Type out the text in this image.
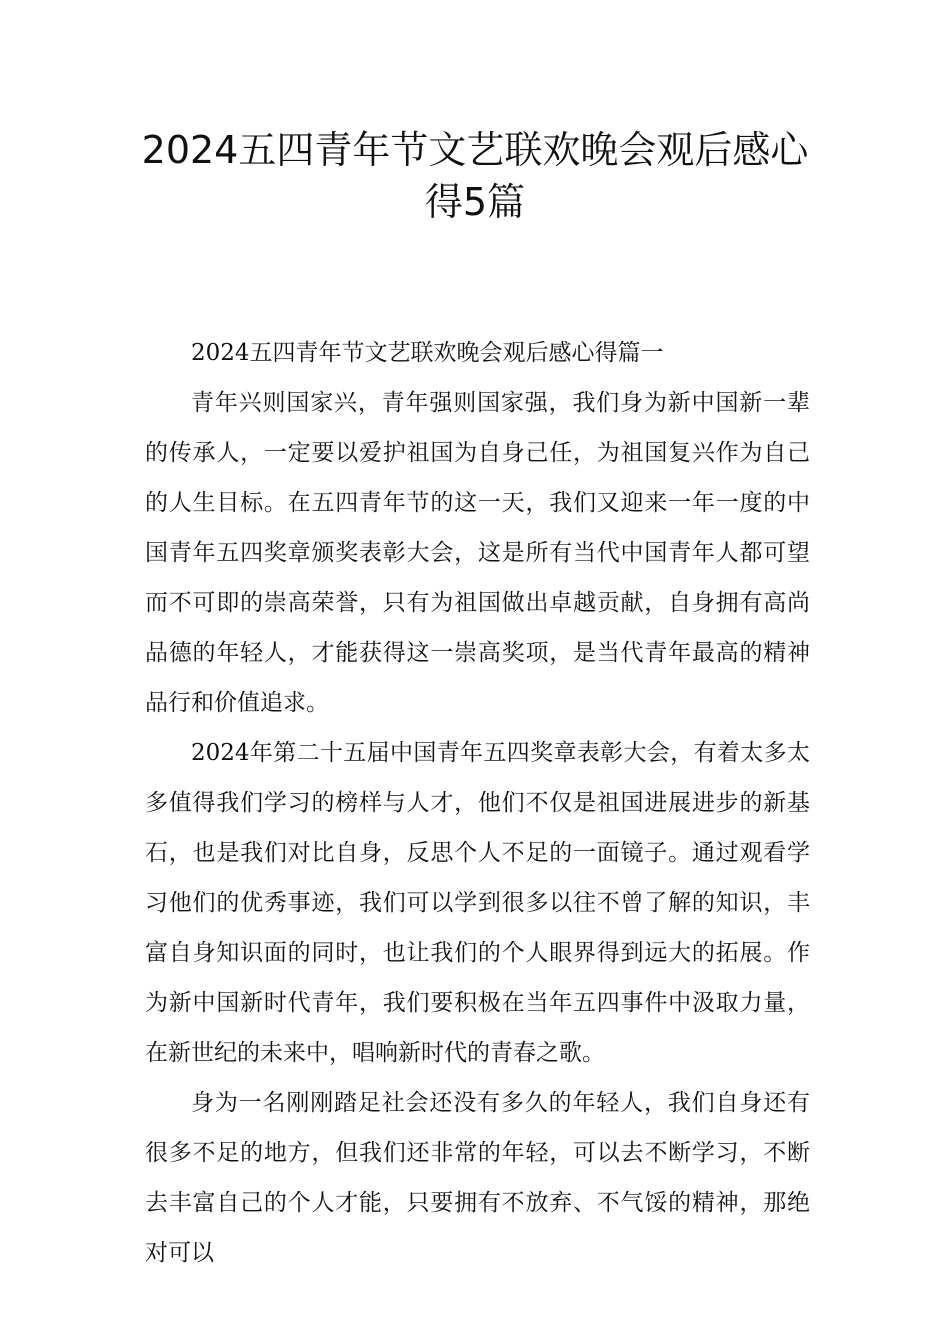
2024五四青年节文艺联欢晚会观后感心
得5篇

2024五四青年节文艺联欢晚会观后感心得篇一

青年兴则国家兴，青年强则国家强，我们身为新中国新一辈的传承人，一定要以爱护祖国为自身己任，为祖国复兴作为自己的人生目标。在五四青年节的这一天，我们又迎来一年一度的中国青年五四奖章颁奖表彰大会，这是所有当代中国青年人都可望而不可即的崇高荣誉，只有为祖国做出卓越贡献，自身拥有高尚品德的年轻人，才能获得这一崇高奖项，是当代青年最高的精神品行和价值追求。

2024年第二十五届中国青年五四奖章表彰大会，有着太多太多值得我们学习的榜样与人才，他们不仅是祖国进展进步的新基石，也是我们对比自身，反思个人不足的一面镜子。通过观看学习他们的优秀事迹，我们可以学到很多以往不曾了解的知识，丰富自身知识面的同时，也让我们的个人眼界得到远大的拓展。作为新中国新时代青年，我们要积极在当年五四事件中汲取力量，在新世纪的未来中，唱响新时代的青春之歌。

身为一名刚刚踏足社会还没有多久的年轻人，我们自身还有很多不足的地方，但我们还非常的年轻，可以去不断学习，不断去丰富自己的个人才能，只要拥有不放弃、不气馁的精神，那绝对可以
